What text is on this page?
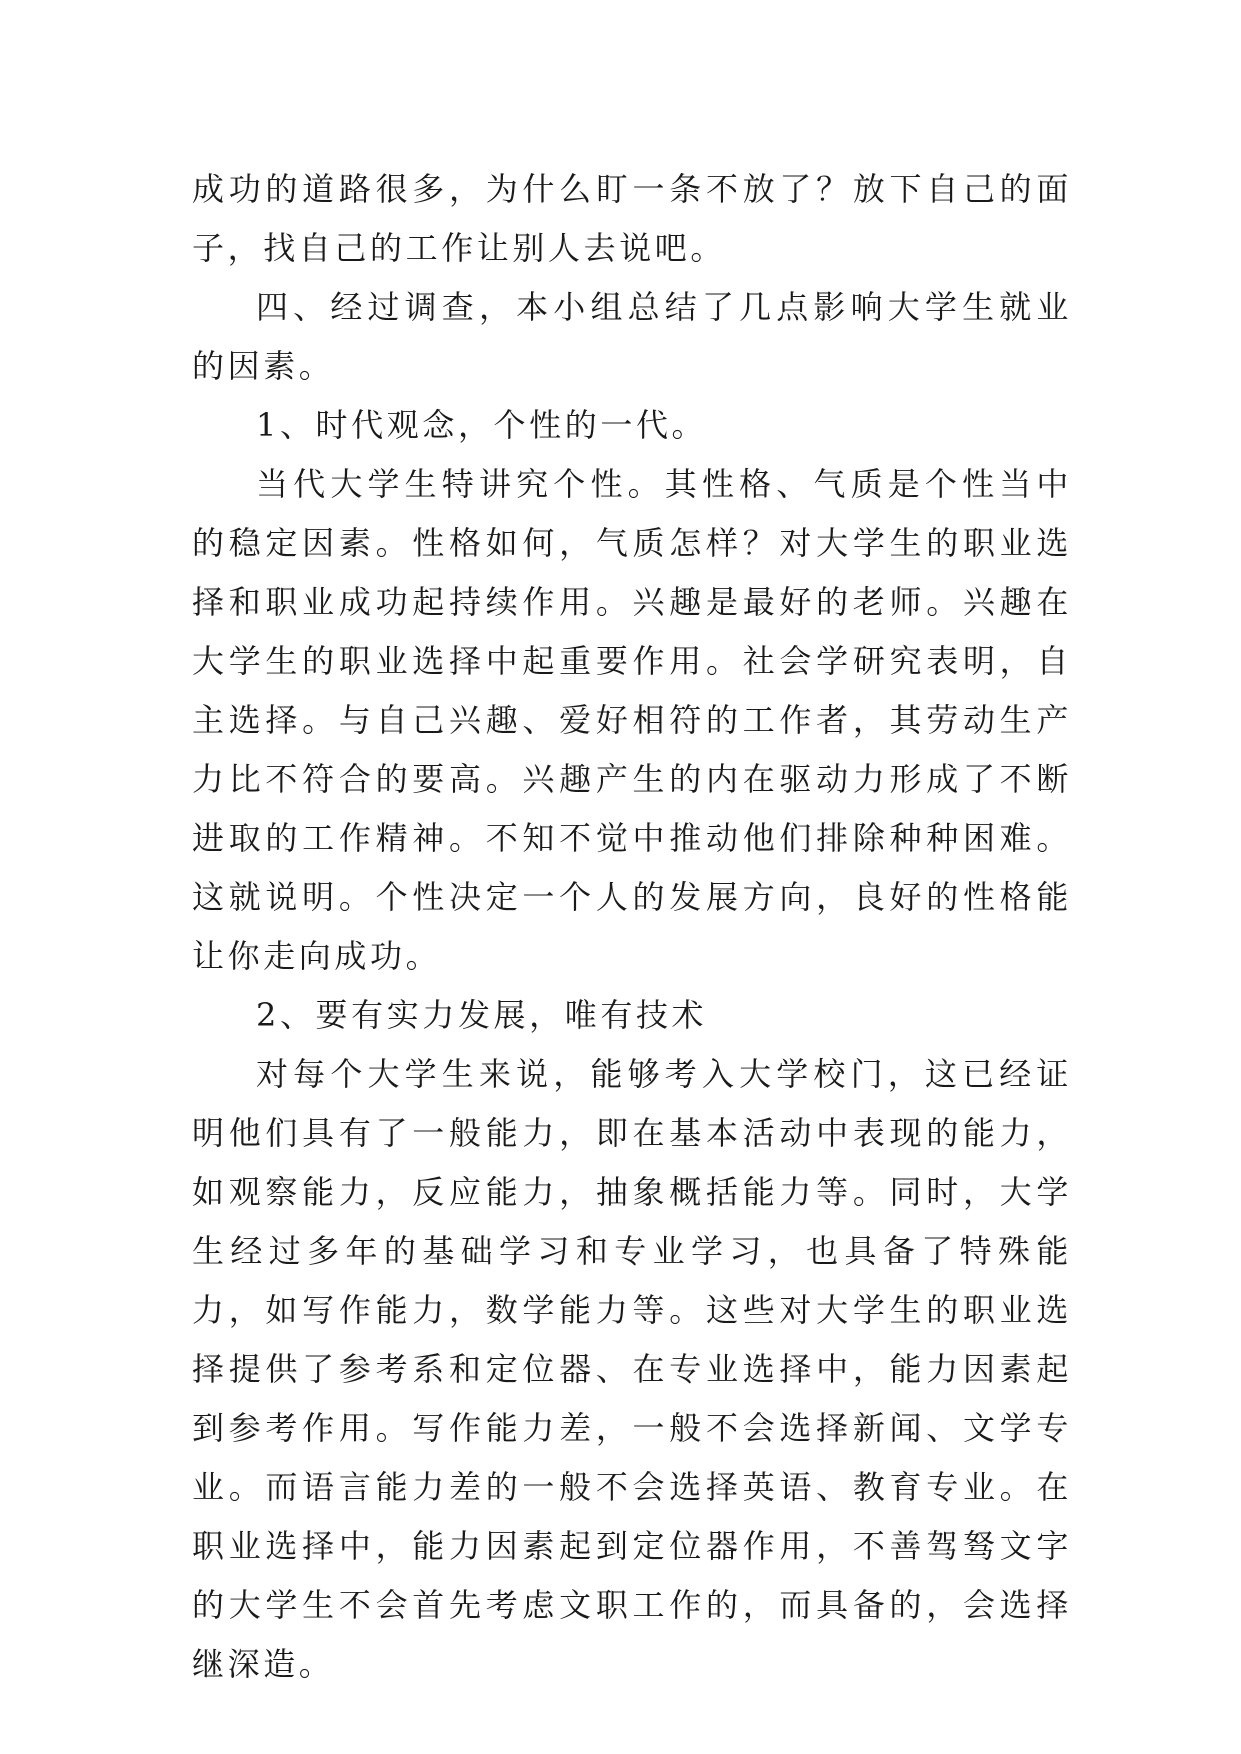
成功的道路很多，为什么盯一条不放了？放下自己的面子，找自己的工作让别人去说吧。

四、经过调查，本小组总结了几点影响大学生就业的因素。

1、时代观念，个性的一代。

当代大学生特讲究个性。其性格、气质是个性当中的稳定因素。性格如何，气质怎样？对大学生的职业选择和职业成功起持续作用。兴趣是最好的老师。兴趣在大学生的职业选择中起重要作用。社会学研究表明，自主选择。与自己兴趣、爱好相符的工作者，其劳动生产力比不符合的要高。兴趣产生的内在驱动力形成了不断进取的工作精神。不知不觉中推动他们排除种种困难。这就说明。个性决定一个人的发展方向，良好的性格能让你走向成功。

2、要有实力发展，唯有技术

对每个大学生来说，能够考入大学校门，这已经证明他们具有了一般能力，即在基本活动中表现的能力，如观察能力，反应能力，抽象概括能力等。同时，大学生经过多年的基础学习和专业学习，也具备了特殊能力，如写作能力，数学能力等。这些对大学生的职业选择提供了参考系和定位器、在专业选择中，能力因素起到参考作用。写作能力差，一般不会选择新闻、文学专业。而语言能力差的一般不会选择英语、教育专业。在职业选择中，能力因素起到定位器作用，不善驾驽文字的大学生不会首先考虑文职工作的，而具备的，会选择继深造。
